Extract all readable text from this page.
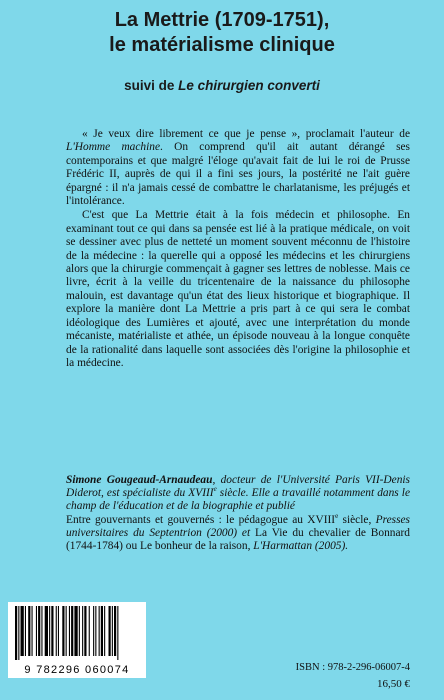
La Mettrie (1709-1751),
le matérialisme clinique
suivi de Le chirurgien converti

« Je veux dire librement ce que je pense », proclamait l'auteur de L'Homme machine. On comprend qu'il ait autant dérangé ses contemporains et que malgré l'éloge qu'avait fait de lui le roi de Prusse Frédéric II, auprès de qui il a fini ses jours, la postérité ne l'ait guère épargné : il n'a jamais cessé de combattre le charlatanisme, les préjugés et l'intolérance.

C'est que La Mettrie était à la fois médecin et philosophe. En examinant tout ce qui dans sa pensée est lié à la pratique médicale, on voit se dessiner avec plus de netteté un moment souvent méconnu de l'histoire de la médecine : la querelle qui a opposé les médecins et les chirurgiens alors que la chirurgie commençait à gagner ses lettres de noblesse. Mais ce livre, écrit à la veille du tricentenaire de la naissance du philosophe malouin, est davantage qu'un état des lieux historique et biographique. Il explore la manière dont La Mettrie a pris part à ce qui sera le combat idéologique des Lumières et ajouté, avec une interprétation du monde mécaniste, matérialiste et athée, un épisode nouveau à la longue conquête de la rationalité dans laquelle sont associées dès l'origine la philosophie et la médecine.

Simone Gougeaud-Arnaudeau, docteur de l'Université Paris VII-Denis Diderot, est spécialiste du XVIIIe siècle. Elle a travaillé notamment dans le champ de l'éducation et de la biographie et publié
Entre gouvernants et gouvernés : le pédagogue au XVIIIe siècle, Presses universitaires du Septentrion (2000) et La Vie du chevalier de Bonnard (1744-1784) ou Le bonheur de la raison, L'Harmattan (2005).
9 782296 060074	ISBN : 978-2-296-06007-4
16,50 €
